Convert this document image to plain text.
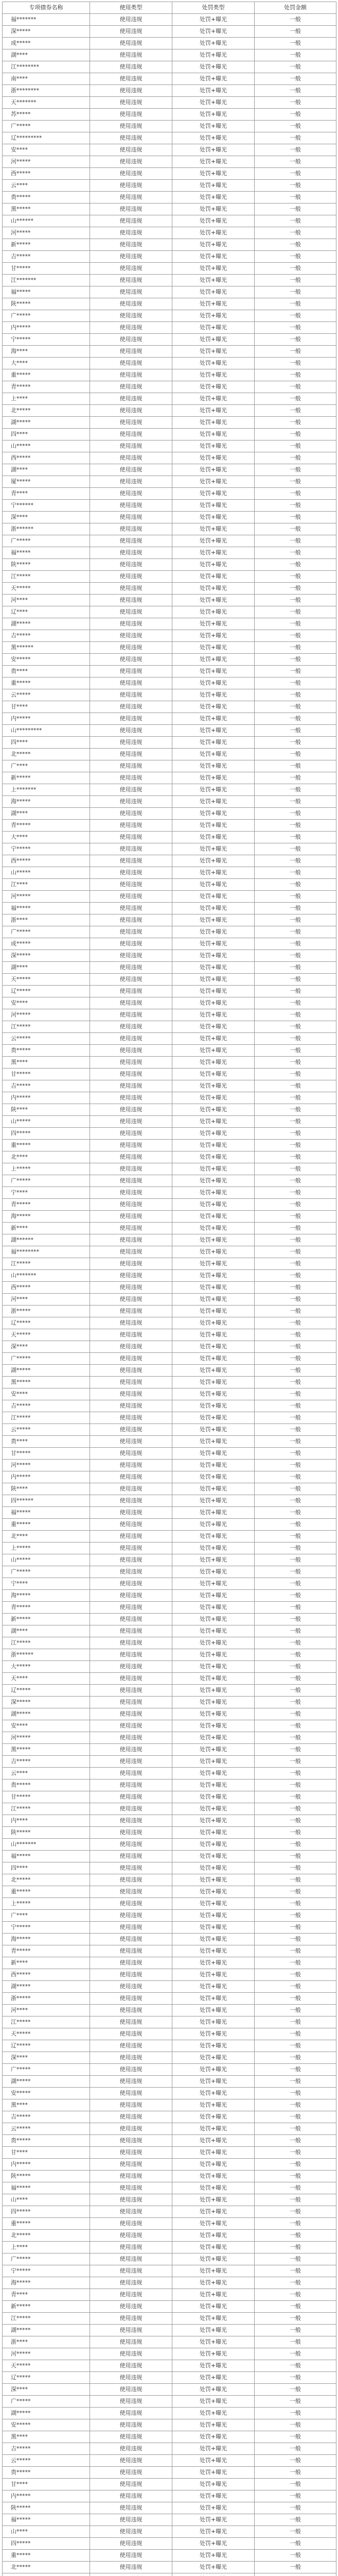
专项债券名称	使用类型	处罚类型	处罚金额
福*******	使用违规	处罚+曝光	一般
深*****	使用违规	处罚+曝光	一般
成*****	使用违规	处罚+曝光	一般
湖****	使用违规	处罚+曝光	一般
江********	使用违规	处罚+曝光	一般
南****	使用违规	处罚+曝光	一般
浙********	使用违规	处罚+曝光	一般
天*******	使用违规	处罚+曝光	一般
苏*****	使用违规	处罚+曝光	一般
广*****	使用违规	处罚+曝光	一般
辽*********	使用违规	处罚+曝光	一般
安****	使用违规	处罚+曝光	一般
河*****	使用违规	处罚+曝光	一般
西*****	使用违规	处罚+曝光	一般
云****	使用违规	处罚+曝光	一般
贵*****	使用违规	处罚+曝光	一般
黑*****	使用违规	处罚+曝光	一般
山******	使用违规	处罚+曝光	一般
河*****	使用违规	处罚+曝光	一般
新*****	使用违规	处罚+曝光	一般
吉*****	使用违规	处罚+曝光	一般
甘*****	使用违规	处罚+曝光	一般
江*******	使用违规	处罚+曝光	一般
福*****	使用违规	处罚+曝光	一般
陕*****	使用违规	处罚+曝光	一般
广*****	使用违规	处罚+曝光	一般
内*****	使用违规	处罚+曝光	一般
宁*****	使用违规	处罚+曝光	一般
海****	使用违规	处罚+曝光	一般
大****	使用违规	处罚+曝光	一般
重*****	使用违规	处罚+曝光	一般
青*****	使用违规	处罚+曝光	一般
上****	使用违规	处罚+曝光	一般
北*****	使用违规	处罚+曝光	一般
湖*****	使用违规	处罚+曝光	一般
四****	使用违规	处罚+曝光	一般
山*****	使用违规	处罚+曝光	一般
西*****	使用违规	处罚+曝光	一般
湖****	使用违规	处罚+曝光	一般
厦*****	使用违规	处罚+曝光	一般
青****	使用违规	处罚+曝光	一般
宁******	使用违规	处罚+曝光	一般
深****	使用违规	处罚+曝光	一般
浙******	使用违规	处罚+曝光	一般
广*****	使用违规	处罚+曝光	一般
福*****	使用违规	处罚+曝光	一般
陕*****	使用违规	处罚+曝光	一般
江*****	使用违规	处罚+曝光	一般
天*****	使用违规	处罚+曝光	一般
河****	使用违规	处罚+曝光	一般
辽****	使用违规	处罚+曝光	一般
湖*****	使用违规	处罚+曝光	一般
吉*****	使用违规	处罚+曝光	一般
黑******	使用违规	处罚+曝光	一般
安*****	使用违规	处罚+曝光	一般
贵****	使用违规	处罚+曝光	一般
重*****	使用违规	处罚+曝光	一般
云*****	使用违规	处罚+曝光	一般
甘****	使用违规	处罚+曝光	一般
内*****	使用违规	处罚+曝光	一般
山*********	使用违规	处罚+曝光	一般
四****	使用违规	处罚+曝光	一般
北*****	使用违规	处罚+曝光	一般
广****	使用违规	处罚+曝光	一般
新*****	使用违规	处罚+曝光	一般
上*******	使用违规	处罚+曝光	一般
海*****	使用违规	处罚+曝光	一般
湖****	使用违规	处罚+曝光	一般
青*****	使用违规	处罚+曝光	一般
大****	使用违规	处罚+曝光	一般
宁*****	使用违规	处罚+曝光	一般
西*****	使用违规	处罚+曝光	一般
山*****	使用违规	处罚+曝光	一般
江****	使用违规	处罚+曝光	一般
河*****	使用违规	处罚+曝光	一般
福*****	使用违规	处罚+曝光	一般
浙****	使用违规	处罚+曝光	一般
广*****	使用违规	处罚+曝光	一般
成*****	使用违规	处罚+曝光	一般
深*****	使用违规	处罚+曝光	一般
湖****	使用违规	处罚+曝光	一般
天*****	使用违规	处罚+曝光	一般
辽*****	使用违规	处罚+曝光	一般
安****	使用违规	处罚+曝光	一般
河*****	使用违规	处罚+曝光	一般
江*****	使用违规	处罚+曝光	一般
云*****	使用违规	处罚+曝光	一般
贵*****	使用违规	处罚+曝光	一般
黑****	使用违规	处罚+曝光	一般
甘*****	使用违规	处罚+曝光	一般
吉*****	使用违规	处罚+曝光	一般
内*****	使用违规	处罚+曝光	一般
陕****	使用违规	处罚+曝光	一般
山*****	使用违规	处罚+曝光	一般
四*****	使用违规	处罚+曝光	一般
重*****	使用违规	处罚+曝光	一般
北****	使用违规	处罚+曝光	一般
上*****	使用违规	处罚+曝光	一般
广*****	使用违规	处罚+曝光	一般
宁****	使用违规	处罚+曝光	一般
青*****	使用违规	处罚+曝光	一般
海*****	使用违规	处罚+曝光	一般
新****	使用违规	处罚+曝光	一般
湖******	使用违规	处罚+曝光	一般
福********	使用违规	处罚+曝光	一般
江*****	使用违规	处罚+曝光	一般
山*******	使用违规	处罚+曝光	一般
西*****	使用违规	处罚+曝光	一般
河****	使用违规	处罚+曝光	一般
浙*****	使用违规	处罚+曝光	一般
辽*****	使用违规	处罚+曝光	一般
天*****	使用违规	处罚+曝光	一般
深****	使用违规	处罚+曝光	一般
广*****	使用违规	处罚+曝光	一般
湖*****	使用违规	处罚+曝光	一般
黑*****	使用违规	处罚+曝光	一般
安****	使用违规	处罚+曝光	一般
吉*****	使用违规	处罚+曝光	一般
江*****	使用违规	处罚+曝光	一般
云*****	使用违规	处罚+曝光	一般
贵****	使用违规	处罚+曝光	一般
甘*****	使用违规	处罚+曝光	一般
河*****	使用违规	处罚+曝光	一般
内*****	使用违规	处罚+曝光	一般
陕****	使用违规	处罚+曝光	一般
四******	使用违规	处罚+曝光	一般
福*****	使用违规	处罚+曝光	一般
重*****	使用违规	处罚+曝光	一般
北****	使用违规	处罚+曝光	一般
上*****	使用违规	处罚+曝光	一般
山*****	使用违规	处罚+曝光	一般
广*****	使用违规	处罚+曝光	一般
宁****	使用违规	处罚+曝光	一般
海*****	使用违规	处罚+曝光	一般
青*****	使用违规	处罚+曝光	一般
新*****	使用违规	处罚+曝光	一般
湖****	使用违规	处罚+曝光	一般
江*****	使用违规	处罚+曝光	一般
浙******	使用违规	处罚+曝光	一般
大*****	使用违规	处罚+曝光	一般
天****	使用违规	处罚+曝光	一般
辽*****	使用违规	处罚+曝光	一般
深*****	使用违规	处罚+曝光	一般
湖*****	使用违规	处罚+曝光	一般
安****	使用违规	处罚+曝光	一般
河*****	使用违规	处罚+曝光	一般
黑*****	使用违规	处罚+曝光	一般
吉*****	使用违规	处罚+曝光	一般
云****	使用违规	处罚+曝光	一般
贵*****	使用违规	处罚+曝光	一般
甘*****	使用违规	处罚+曝光	一般
江*****	使用违规	处罚+曝光	一般
内****	使用违规	处罚+曝光	一般
陕*****	使用违规	处罚+曝光	一般
山*******	使用违规	处罚+曝光	一般
福*****	使用违规	处罚+曝光	一般
四****	使用违规	处罚+曝光	一般
北*****	使用违规	处罚+曝光	一般
重*****	使用违规	处罚+曝光	一般
上*****	使用违规	处罚+曝光	一般
广****	使用违规	处罚+曝光	一般
宁*****	使用违规	处罚+曝光	一般
海*****	使用违规	处罚+曝光	一般
青*****	使用违规	处罚+曝光	一般
新****	使用违规	处罚+曝光	一般
西*****	使用违规	处罚+曝光	一般
湖*****	使用违规	处罚+曝光	一般
浙*****	使用违规	处罚+曝光	一般
河****	使用违规	处罚+曝光	一般
江*****	使用违规	处罚+曝光	一般
天*****	使用违规	处罚+曝光	一般
辽*****	使用违规	处罚+曝光	一般
深****	使用违规	处罚+曝光	一般
广*****	使用违规	处罚+曝光	一般
湖*****	使用违规	处罚+曝光	一般
安*****	使用违规	处罚+曝光	一般
黑****	使用违规	处罚+曝光	一般
吉*****	使用违规	处罚+曝光	一般
云*****	使用违规	处罚+曝光	一般
贵*****	使用违规	处罚+曝光	一般
甘****	使用违规	处罚+曝光	一般
内*****	使用违规	处罚+曝光	一般
陕*****	使用违规	处罚+曝光	一般
福*****	使用违规	处罚+曝光	一般
山****	使用违规	处罚+曝光	一般
四*****	使用违规	处罚+曝光	一般
重*****	使用违规	处罚+曝光	一般
北*****	使用违规	处罚+曝光	一般
上****	使用违规	处罚+曝光	一般
广*****	使用违规	处罚+曝光	一般
宁*****	使用违规	处罚+曝光	一般
海*****	使用违规	处罚+曝光	一般
青****	使用违规	处罚+曝光	一般
新*****	使用违规	处罚+曝光	一般
江*****	使用违规	处罚+曝光	一般
湖*****	使用违规	处罚+曝光	一般
浙****	使用违规	处罚+曝光	一般
河*****	使用违规	处罚+曝光	一般
天*****	使用违规	处罚+曝光	一般
辽*****	使用违规	处罚+曝光	一般
深****	使用违规	处罚+曝光	一般
广*****	使用违规	处罚+曝光	一般
湖*****	使用违规	处罚+曝光	一般
安*****	使用违规	处罚+曝光	一般
黑****	使用违规	处罚+曝光	一般
吉*****	使用违规	处罚+曝光	一般
云*****	使用违规	处罚+曝光	一般
贵*****	使用违规	处罚+曝光	一般
甘****	使用违规	处罚+曝光	一般
内*****	使用违规	处罚+曝光	一般
陕*****	使用违规	处罚+曝光	一般
福*****	使用违规	处罚+曝光	一般
山****	使用违规	处罚+曝光	一般
四*****	使用违规	处罚+曝光	一般
重*****	使用违规	处罚+曝光	一般
北*****	使用违规	处罚+曝光	一般
